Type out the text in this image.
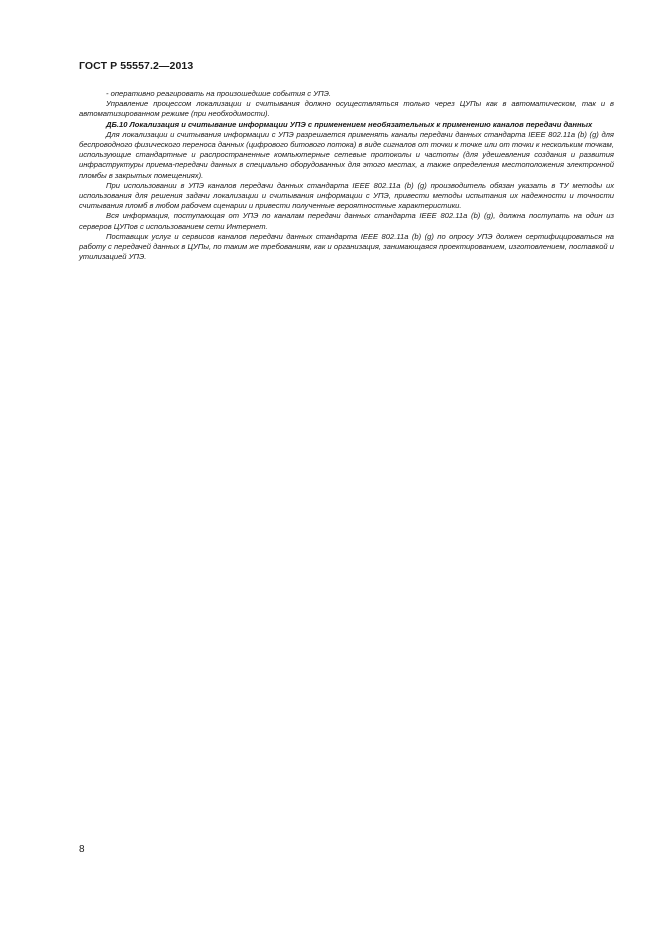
ГОСТ Р 55557.2—2013

- оперативно реагировать на произошедшие события с УПЭ.

Управление процессом локализации и считывания должно осуществляться только через ЦУПы как в автоматическом, так и в автоматизированном режиме (при необходимости).

ДБ.10 Локализация и считывание информации УПЭ с применением необязательных к применению каналов передачи данных

Для локализации и считывания информации с УПЭ разрешается применять каналы передачи данных стандарта IEEE 802.11a (b) (g) для беспроводного физического переноса данных (цифрового битового потока) в виде сигналов от точки к точке или от точки к нескольким точкам, использующие стандартные и распространенные компьютерные сетевые протоколы и частоты (для удешевления создания и развития инфраструктуры приема-передачи данных в специально оборудованных для этого местах, а также определения местоположения электронной пломбы в закрытых помещениях).

При использовании в УПЭ каналов передачи данных стандарта IEEE 802.11a (b) (g) производитель обязан указать в ТУ методы их использования для решения задачи локализации и считывания информации с УПЭ, привести методы испытания их надежности и точности считывания пломб в любом рабочем сценарии и привести полученные вероятностные характеристики.

Вся информация, поступающая от УПЭ по каналам передачи данных стандарта IEEE 802.11a (b) (g), должна поступать на один из серверов ЦУПов с использованием сети Интернет.

Поставщик услуг и сервисов каналов передачи данных стандарта IEEE 802.11a (b) (g) по опросу УПЭ должен сертифицироваться на работу с передачей данных в ЦУПы, по таким же требованиям, как и организация, занимающаяся проектированием, изготовлением, поставкой и утилизацией УПЭ.

8
